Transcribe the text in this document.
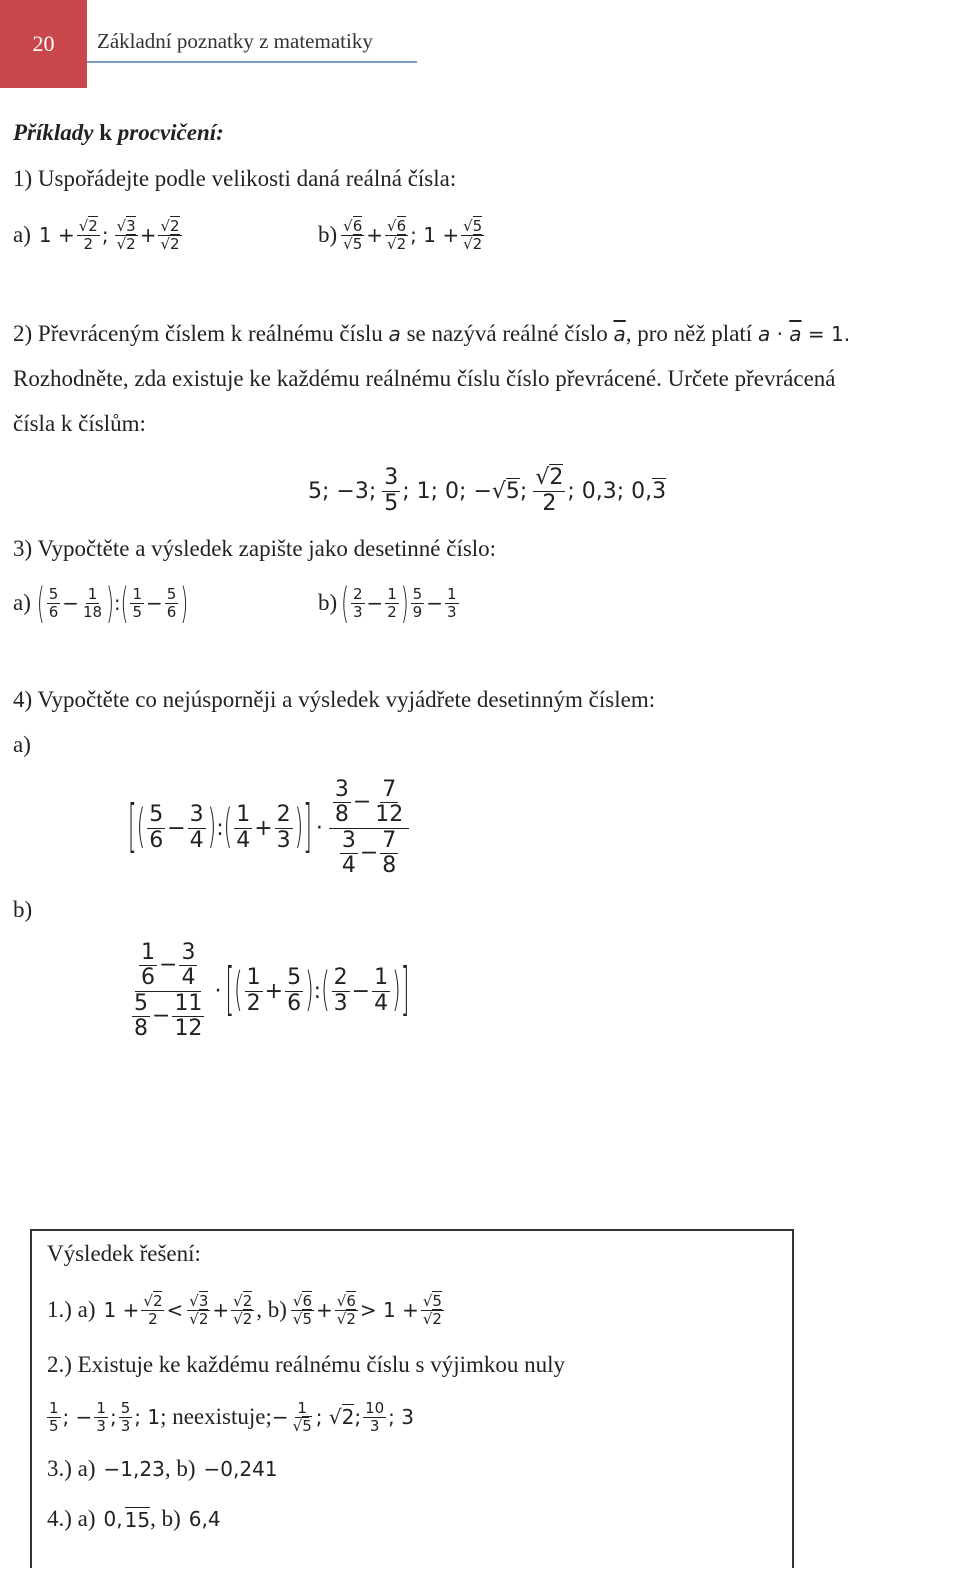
20 Základní poznatky z matematiky
Příklady k procvičení:
1) Uspořádejte podle velikosti daná reálná čísla:
a) $1 + \frac{√2}{2}$ ; $\frac{√3}{√2} + \frac{√2}{√2}$	$b) \frac{√6}{√5} + \frac{√6}{√2}$ ; $1 + \frac{√5}{√2}$
2) Převráceným číslem k reálnému číslu a se nazývá reálné číslo $\overline{a}$, pro něž platí $a \cdot \overline{a} = 1$.
Rozhodněte, zda existuje ke každému reálnému číslu číslo převrácené. Určete převrácená
čísla k číslům:
5; −3; $\frac{3}{5}$ ; 1; 0; −√5; $\frac{√2}{2}$ ; 0,3; 0,3
3) Vypočtěte a výsledek zapište jako desetinné číslo:
a) ( $\frac{5}{6} - \frac{1}{18}$ ) : ( $\frac{1}{5} - \frac{5}{6}$ )	b) ( $\frac{2}{3} - \frac{1}{2}$ ) $\frac{5}{9} - \frac{1}{3}$
4) Vypočtěte co nejúsporněji a výsledek vyjádřete desetinným číslem:
a)
[ ( $\frac{5}{6} - \frac{3}{4}$ ) : ( $\frac{1}{4} + \frac{2}{3}$ ) ] · $\frac{\frac{3}{8} - \frac{7}{12}}{\frac{3}{4} - \frac{7}{8}}$
b)
$\frac{\frac{1}{6} - \frac{3}{4}}{\frac{5}{8} - \frac{11}{12}}$ · [ ( $\frac{1}{2} + \frac{5}{6}$ ) : ( $\frac{2}{3} - \frac{1}{4}$ ) ]
Výsledek řešení:
1.) a) $1 + \frac{√2}{2} < \frac{√3}{√2} + \frac{√2}{√2}$ , $b) \frac{√6}{√5} + \frac{√6}{√2} > 1 + \frac{√5}{√2}$
2.) Existuje ke každému reálnému číslu s výjimkou nuly
$\frac{1}{5}$ ; − $\frac{1}{3}$ ; $\frac{5}{3}$ ; 1 ; neexistuje; − $\frac{1}{√5}$ ; √2; $\frac{10}{3}$ ; 3
3.) a) −1,23 , b) −0,241
4.) a) 0, 15 , b) 6,4
